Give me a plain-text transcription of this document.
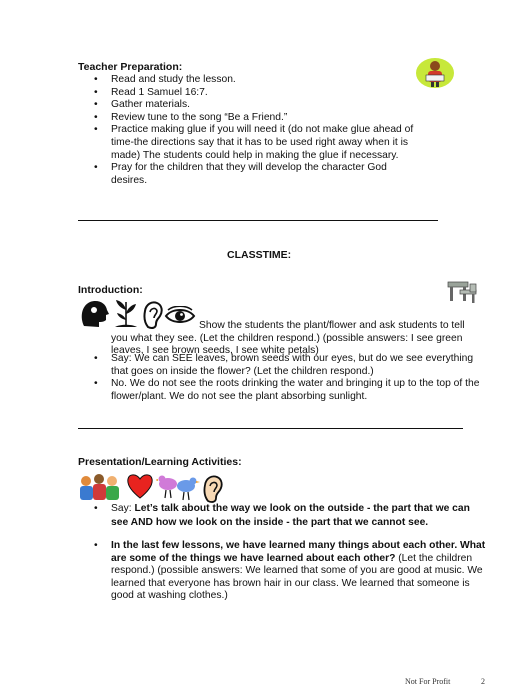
Teacher Preparation:
• Read and study the lesson.
• Read 1 Samuel 16:7.
• Gather materials.
• Review tune to the song “Be a Friend.”
• Practice making glue if you will need it (do not make glue ahead of time-the directions say that it has to be used right away when it is made) The students could help in making the glue if necessary.
• Pray for the children that they will develop the character God desires.
CLASSTIME:
Introduction:
Show the students the plant/flower and ask students to tell you what they see. (Let the children respond.) (possible answers: I see green leaves, I see brown seeds, I see white petals)
• Say: We can SEE leaves, brown seeds with our eyes, but do we see everything that goes on inside the flower? (Let the children respond.)
• No. We do not see the roots drinking the water and bringing it up to the top of the flower/plant. We do not see the plant absorbing sunlight.
Presentation/Learning Activities:
• Say: Let’s talk about the way we look on the outside - the part that we can see AND how we look on the inside - the part that we cannot see.
• In the last few lessons, we have learned many things about each other. What are some of the things we have learned about each other? (Let the children respond.) (possible answers: We learned that some of you are good at music. We learned that everyone has brown hair in our class. We learned that someone is good at washing clothes.)
Not For Profit	2
